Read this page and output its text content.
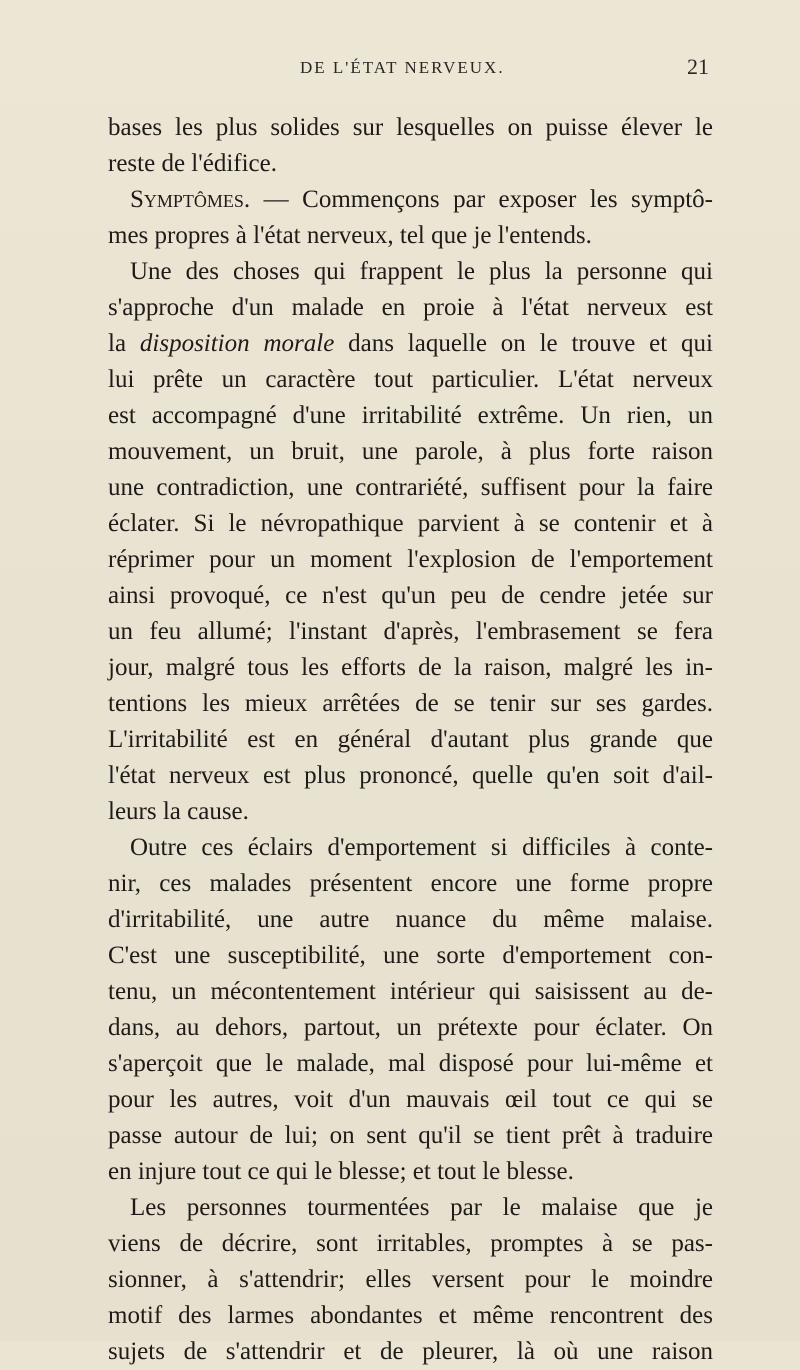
DE L'ÉTAT NERVEUX.	21
bases les plus solides sur lesquelles on puisse élever le
reste de l'édifice.
Symptômes. — Commençons par exposer les symptô-
mes propres à l'état nerveux, tel que je l'entends.
Une des choses qui frappent le plus la personne qui
s'approche d'un malade en proie à l'état nerveux est
la disposition morale dans laquelle on le trouve et qui
lui prête un caractère tout particulier. L'état nerveux
est accompagné d'une irritabilité extrême. Un rien, un
mouvement, un bruit, une parole, à plus forte raison
une contradiction, une contrariété, suffisent pour la faire
éclater. Si le névropathique parvient à se contenir et à
réprimer pour un moment l'explosion de l'emportement
ainsi provoqué, ce n'est qu'un peu de cendre jetée sur
un feu allumé; l'instant d'après, l'embrasement se fera
jour, malgré tous les efforts de la raison, malgré les in-
tentions les mieux arrêtées de se tenir sur ses gardes.
L'irritabilité est en général d'autant plus grande que
l'état nerveux est plus prononcé, quelle qu'en soit d'ail-
leurs la cause.
Outre ces éclairs d'emportement si difficiles à conte-
nir, ces malades présentent encore une forme propre
d'irritabilité, une autre nuance du même malaise.
C'est une susceptibilité, une sorte d'emportement con-
tenu, un mécontentement intérieur qui saisissent au de-
dans, au dehors, partout, un prétexte pour éclater. On
s'aperçoit que le malade, mal disposé pour lui-même et
pour les autres, voit d'un mauvais œil tout ce qui se
passe autour de lui; on sent qu'il se tient prêt à traduire
en injure tout ce qui le blesse; et tout le blesse.
Les personnes tourmentées par le malaise que je
viens de décrire, sont irritables, promptes à se pas-
sionner, à s'attendrir; elles versent pour le moindre
motif des larmes abondantes et même rencontrent des
sujets de s'attendrir et de pleurer, là où une raison
